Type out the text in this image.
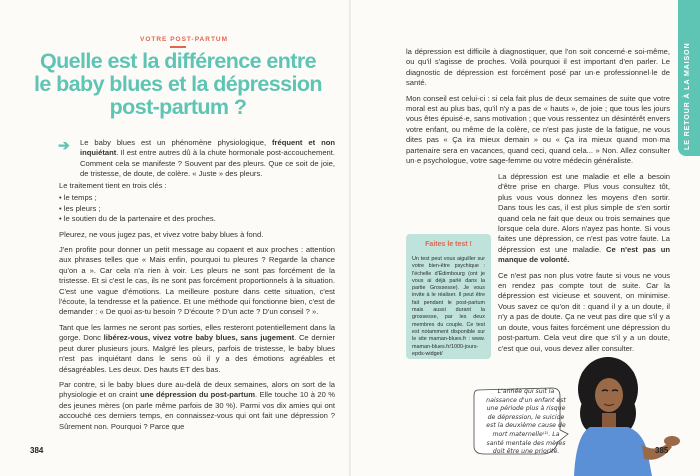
VOTRE POST-PARTUM
Quelle est la différence entre le baby blues et la dépression post-partum ?
➔ Le baby blues est un phénomène physiologique, fréquent et non inquiétant. Il est entre autres dû à la chute hormonale post-accouchement. Comment cela se manifeste ? Souvent par des pleurs. Que ce soit de joie, de tristesse, de doute, de colère. « Juste » des pleurs.

Le traitement tient en trois clés :

• le temps ;
• les pleurs ;
• le soutien du de la partenaire et des proches.

Pleurez, ne vous jugez pas, et vivez votre baby blues à fond.

J'en profite pour donner un petit message au copaent et aux proches : attention aux phrases telles que « Mais enfin, pourquoi tu pleures ? Regarde la chance qu'on a ». Car cela n'a rien à voir. Les pleurs ne sont pas forcément de la tristesse. Et si c'est le cas, ils ne sont pas forcément proportionnels à la situation. C'est une vague d'émotions. La meilleure posture dans cette situation, c'est l'écoute, la tendresse et la patience. Et une méthode qui fonctionne bien, c'est de demander : « De quoi as-tu besoin ? D'écoute ? D'un acte ? D'un conseil ? ».

Tant que les larmes ne seront pas sorties, elles resteront potentiellement dans la gorge. Donc libérez-vous, vivez votre baby blues, sans jugement. Ce dernier peut durer plusieurs jours. Malgré les pleurs, parfois de tristesse, le baby blues n'est pas inquiétant dans le sens où il y a des émotions agréables et désagréables. Les deux. Des hauts ET des bas.

Par contre, si le baby blues dure au-delà de deux semaines, alors on sort de la physiologie et on craint une dépression du post-partum. Elle touche 10 à 20 % des jeunes mères (on parle même parfois de 30 %). Parmi vos dix amies qui ont accouché ces derniers temps, en connaissez-vous qui ont fait une dépression ? Sûrement non. Pourquoi ? Parce que

384
LE RETOUR À LA MAISON

la dépression est difficile à diagnostiquer, que l'on soit concerné·e soi-même, ou qu'il s'agisse de proches. Voilà pourquoi il est important d'en parler. Le diagnostic de dépression est forcément posé par un·e professionnel·le de santé.

Mon conseil est celui-ci : si cela fait plus de deux semaines de suite que votre moral est au plus bas, qu'il n'y a pas de « hauts », de joie ; que tous les jours vous êtes épuisé·e, sans motivation ; que vous ressentez un désintérêt envers votre enfant, ou même de la colère, ce n'est pas juste de la fatigue, ne vous dites pas « Ça ira mieux demain » ou « Ça ira mieux quand mon·ma partenaire sera en vacances, quand ceci, quand cela... » Non. Allez consulter un·e psychologue, votre sage-femme ou votre médecin généraliste.

Faites le test !
Un test peut vous aiguiller sur votre bien-être psychique : l'échelle d'Édimbourg (ont je vous ai déjà parlé dans la partie Grossesse). Je vous invite à le réaliser. Il peut être fait pendant le post-partum mais aussi durant la grossesse, par les deux membres du couple. Ce test est notamment disponible sur le site maman-blues.fr : www. maman-blues.fr/1000-jours-epds-widget/

La dépression est une maladie et elle a besoin d'être prise en charge. Plus vous consultez tôt, plus vous vous donnez les moyens d'en sortir. Dans tous les cas, il est plus simple de s'en sortir quand cela ne fait que deux ou trois semaines que lorsque cela dure. Alors n'ayez pas honte. Si vous faites une dépression, ce n'est pas votre faute. La dépression est une maladie. Ce n'est pas un manque de volonté.

Ce n'est pas non plus votre faute si vous ne vous en rendez pas compte tout de suite. Car la dépression est vicieuse et souvent, on minimise. Vous savez ce qu'on dit : quand il y a un doute, il n'y a pas de doute. Ça ne veut pas dire que s'il y a un doute, vous faites forcément une dépression du post-partum. Cela veut dire que s'il y a un doute, c'est que oui, vous devez aller consulter.

L'année qui suit la naissance d'un enfant est une période plus à risque de dépression, le suicide est la deuxième cause de mort maternelle⁽¹⁾. La santé mentale des mères doit être une priorité.	385
